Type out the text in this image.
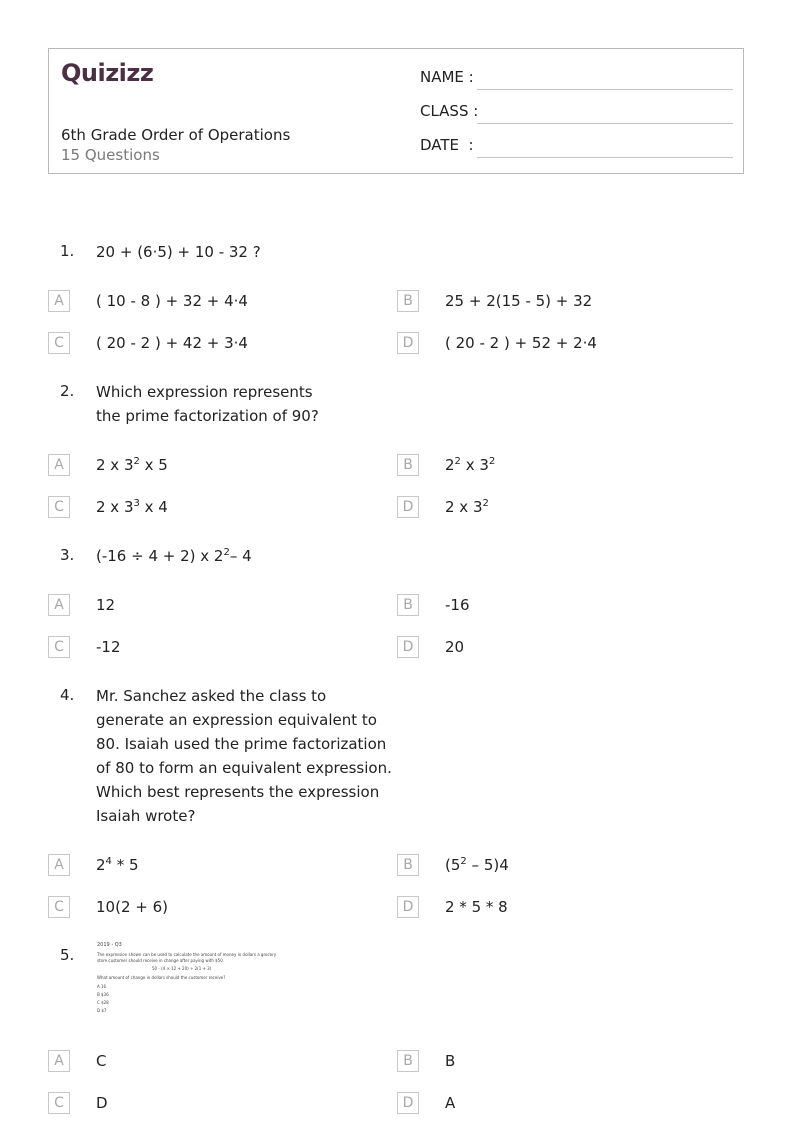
Quizizz
6th Grade Order of Operations
15 Questions
NAME :
CLASS :
DATE  :
1. 20 + (6·5) + 10 - 32 ?
A	( 10 - 8 ) + 32 + 4·4	B	25 + 2(15 - 5) + 32
C	( 20 - 2 ) + 42 + 3·4	D	( 20 - 2 ) + 52 + 2·4
2. Which expression represents
the prime factorization of 90?
A	2 x $3^2$ x 5	B	$2^2$ x $3^2$
C	2 x $3^3$ x 4	D	2 x $3^2$
3. (-16 ÷ 4 + 2) x $2^2-$ 4
A	12	B	-16
C	-12	D	20
4. Mr. Sanchez asked the class to
generate an expression equivalent to
80. Isaiah used the prime factorization
of 80 to form an equivalent expression.
Which best represents the expression
Isaiah wrote?
A	$2^4 * 5$	B	$(5^2 - 5)4$
C	10(2 + 6)	D	2 * 5 * 8
5.
2019 - Q3
The expression shown can be used to calculate the amount of money in dollars a grocery
store customer should receive in change after paying with $50.
50 - (4 × 12 + 20) ÷ 2(1 + 3)
What amount of change in dollars should the customer receive?
A 16
B $36
C $28
D $7
A	C	B	B
C	D	D	A
